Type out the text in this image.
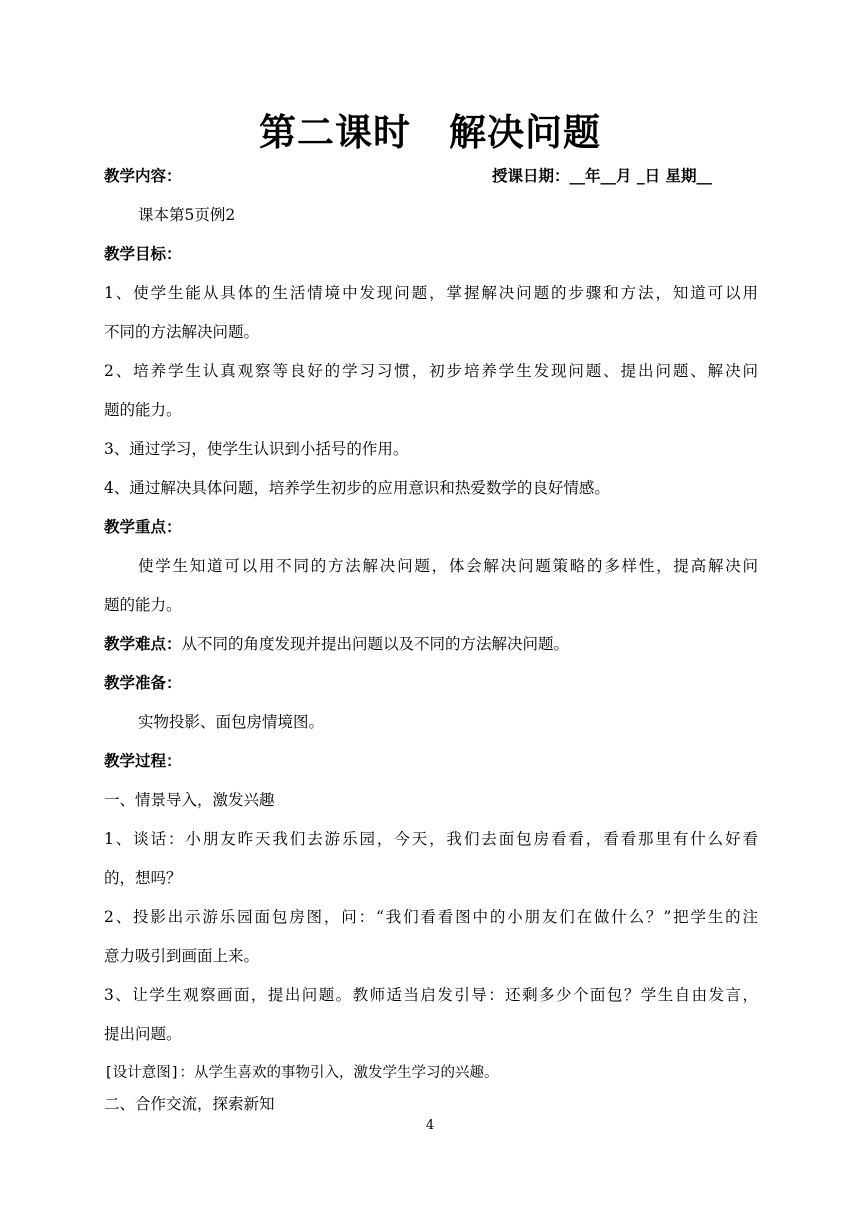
第二课时　解决问题
教学内容：	授课日期：__年__月 _日 星期__
课本第5页例2
教学目标：
1、使学生能从具体的生活情境中发现问题，掌握解决问题的步骤和方法，知道可以用
不同的方法解决问题。
2、培养学生认真观察等良好的学习习惯，初步培养学生发现问题、提出问题、解决问
题的能力。
3、通过学习，使学生认识到小括号的作用。
4、通过解决具体问题，培养学生初步的应用意识和热爱数学的良好情感。
教学重点：
使学生知道可以用不同的方法解决问题，体会解决问题策略的多样性，提高解决问
题的能力。
教学难点：从不同的角度发现并提出问题以及不同的方法解决问题。
教学准备：
实物投影、面包房情境图。
教学过程：
一、情景导入，激发兴趣
1、谈话：小朋友昨天我们去游乐园，今天，我们去面包房看看，看看那里有什么好看
的，想吗？
2、投影出示游乐园面包房图，问：“我们看看图中的小朋友们在做什么？”把学生的注
意力吸引到画面上来。
3、让学生观察画面，提出问题。教师适当启发引导：还剩多少个面包？学生自由发言，
提出问题。
[设计意图]：从学生喜欢的事物引入，激发学生学习的兴趣。
二、合作交流，探索新知
4
